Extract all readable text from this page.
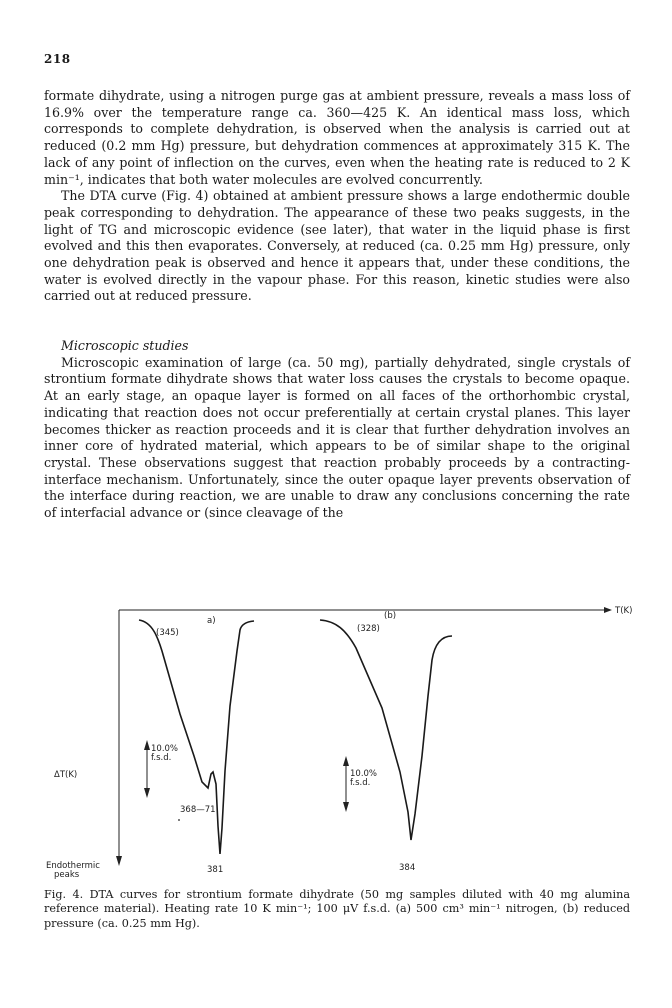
218

formate dihydrate, using a nitrogen purge gas at ambient pressure, reveals a mass loss of 16.9% over the temperature range ca. 360—425 K. An identical mass loss, which corresponds to complete dehydration, is observed when the analysis is carried out at reduced (0.2 mm Hg) pressure, but dehydration commences at approximately 315 K. The lack of any point of inflection on the curves, even when the heating rate is reduced to 2 K min⁻¹, indicates that both water molecules are evolved concurrently.

The DTA curve (Fig. 4) obtained at ambient pressure shows a large endothermic double peak corresponding to dehydration. The appearance of these two peaks suggests, in the light of TG and microscopic evidence (see later), that water in the liquid phase is first evolved and this then evaporates. Conversely, at reduced (ca. 0.25 mm Hg) pressure, only one dehydration peak is observed and hence it appears that, under these conditions, the water is evolved directly in the vapour phase. For this reason, kinetic studies were also carried out at reduced pressure.

Microscopic studies

Microscopic examination of large (ca. 50 mg), partially dehydrated, single crystals of strontium formate dihydrate shows that water loss causes the crystals to become opaque. At an early stage, an opaque layer is formed on all faces of the orthorhombic crystal, indicating that reaction does not occur preferentially at certain crystal planes. This layer becomes thicker as reaction proceeds and it is clear that further dehydration involves an inner core of hydrated material, which appears to be of similar shape to the original crystal. These observations suggest that reaction probably proceeds by a contracting-interface mechanism. Unfortunately, since the outer opaque layer prevents observation of the interface during reaction, we are unable to draw any conclusions concerning the rate of interfacial advance or (since cleavage of the

T(K)
ΔT(K)
Endothermic
peaks
a)
(345)
10.0%
f.s.d.
368—71
381
(b)
(328)
10.0%
f.s.d.
384
Fig. 4. DTA curves for strontium formate dihydrate (50 mg samples diluted with 40 mg alumina reference material). Heating rate 10 K min⁻¹; 100 μV f.s.d. (a) 500 cm³ min⁻¹ nitrogen, (b) reduced pressure (ca. 0.25 mm Hg).
